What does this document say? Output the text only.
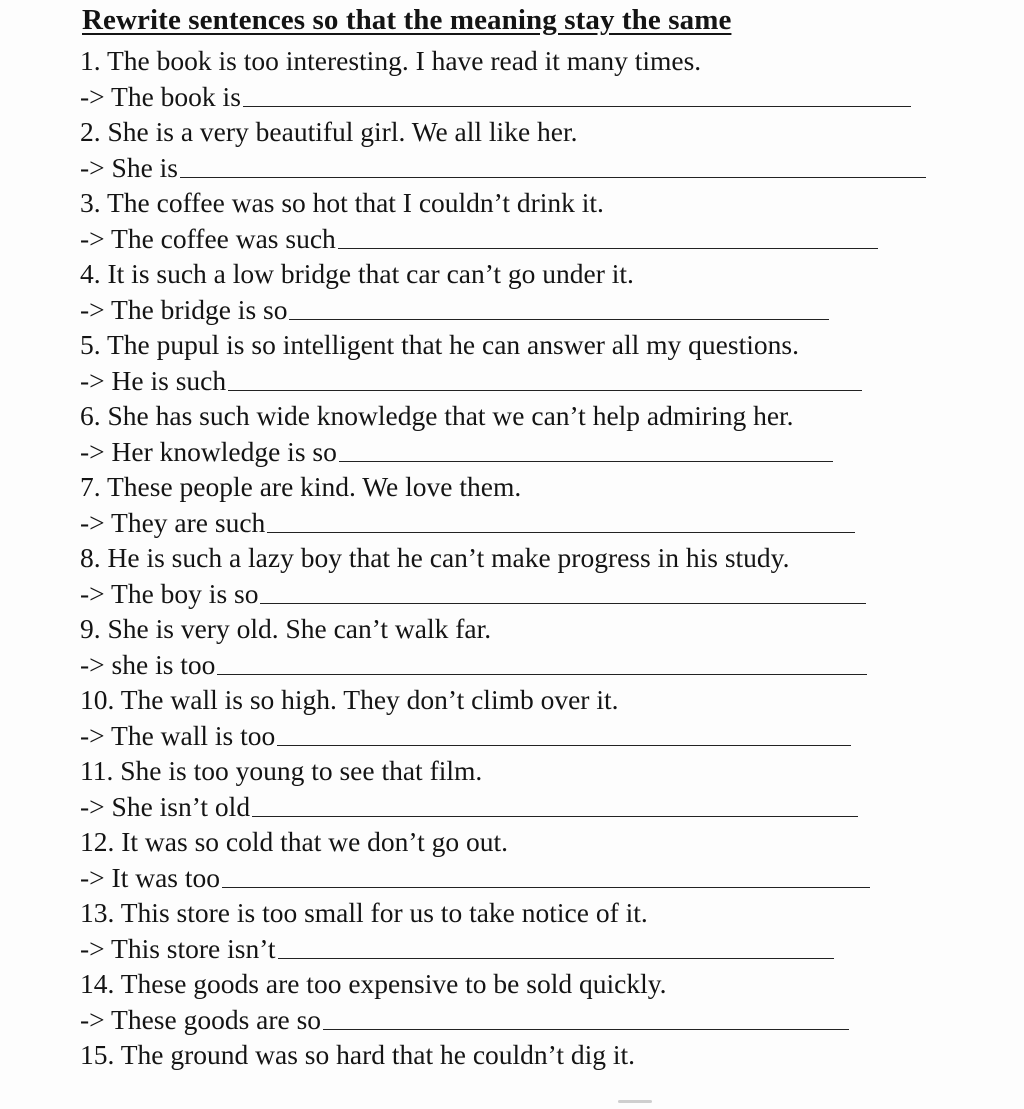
Rewrite sentences so that the meaning stay the same
1. The book is too interesting. I have read it many times.
-> The book is
2. She is a very beautiful girl. We all like her.
-> She is
3. The coffee was so hot that I couldn’t drink it.
-> The coffee was such
4. It is such a low bridge that car can’t go under it.
-> The bridge is so
5. The pupul is so intelligent that he can answer all my questions.
-> He is such
6. She has such wide knowledge that we can’t help admiring her.
-> Her knowledge is so
7. These people are kind. We love them.
-> They are such
8. He is such a lazy boy that he can’t make progress in his study.
-> The boy is so
9. She is very old. She can’t walk far.
-> she is too
10. The wall is so high. They don’t climb over it.
-> The wall is too
11. She is too young to see that film.
-> She isn’t old
12. It was so cold that we don’t go out.
-> It was too
13. This store is too small for us to take notice of it.
-> This store isn’t
14. These goods are too expensive to be sold quickly.
-> These goods are so
15. The ground was so hard that he couldn’t dig it.
